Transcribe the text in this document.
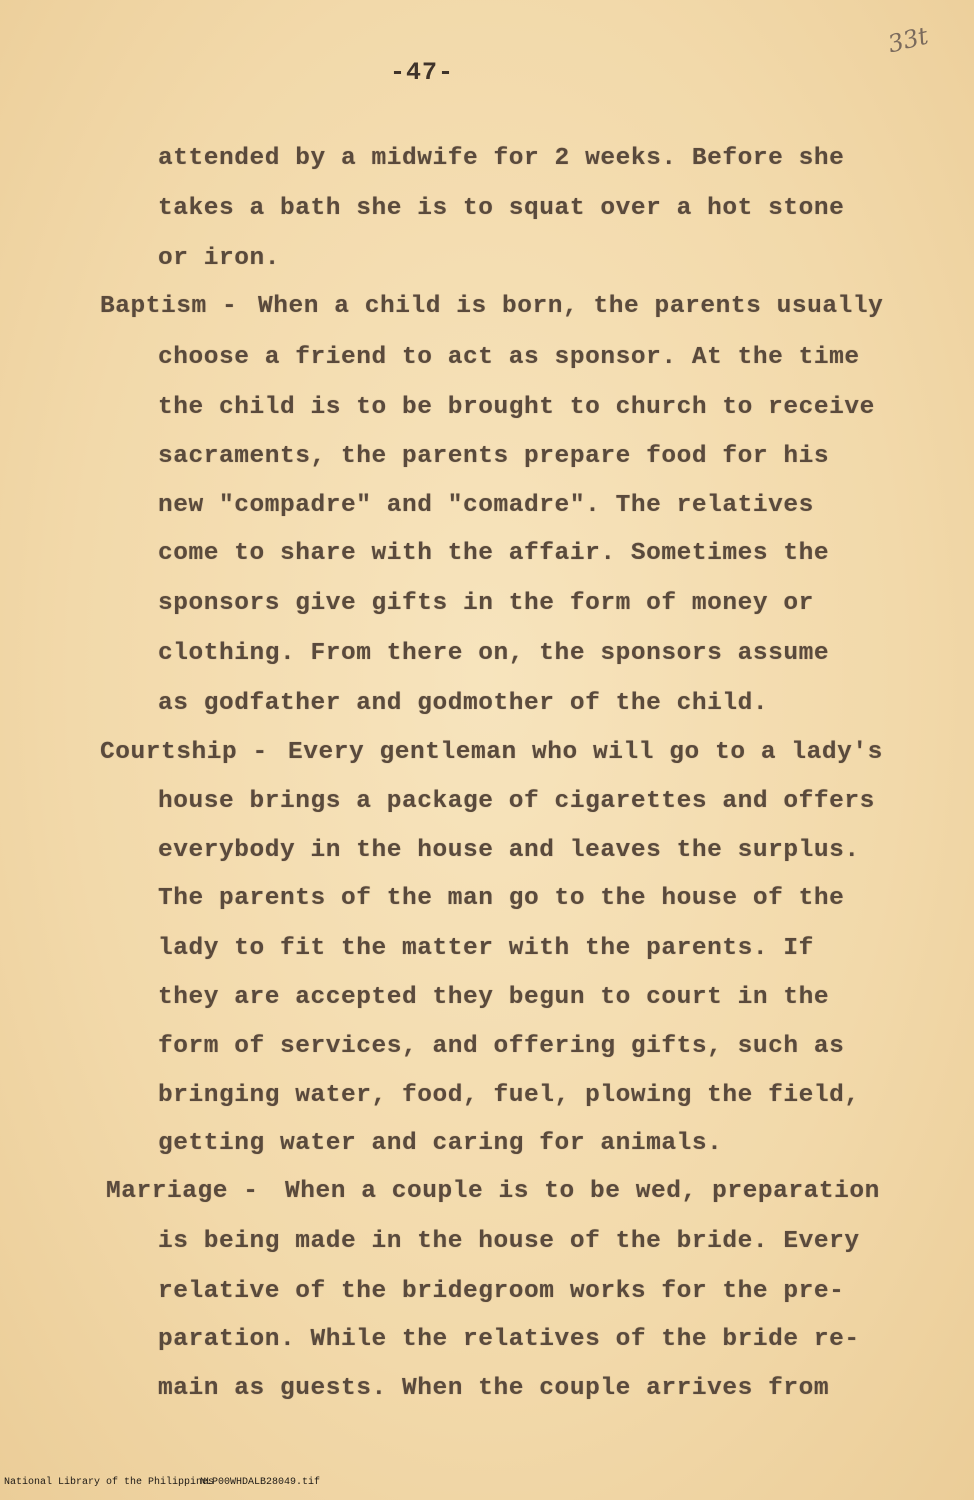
-47-
33t
attended by a midwife for 2 weeks. Before she
takes a bath she is to squat over a hot stone
or iron.
Baptism - When a child is born, the parents usually
choose a friend to act as sponsor. At the time
the child is to be brought to church to receive
sacraments, the parents prepare food for his
new "compadre" and "comadre". The relatives
come to share with the affair. Sometimes the
sponsors give gifts in the form of money or
clothing. From there on, the sponsors assume
as godfather and godmother of the child.
Courtship - Every gentleman who will go to a lady's
house brings a package of cigarettes and offers
everybody in the house and leaves the surplus.
The parents of the man go to the house of the
lady to fit the matter with the parents. If
they are accepted they begun to court in the
form of services, and offering gifts, such as
bringing water, food, fuel, plowing the field,
getting water and caring for animals.
Marriage - When a couple is to be wed, preparation
is being made in the house of the bride. Every
relative of the bridegroom works for the pre-
paration. While the relatives of the bride re-
main as guests. When the couple arrives from
National Library of the Philippines
NLP00WHDALB28049.tif
